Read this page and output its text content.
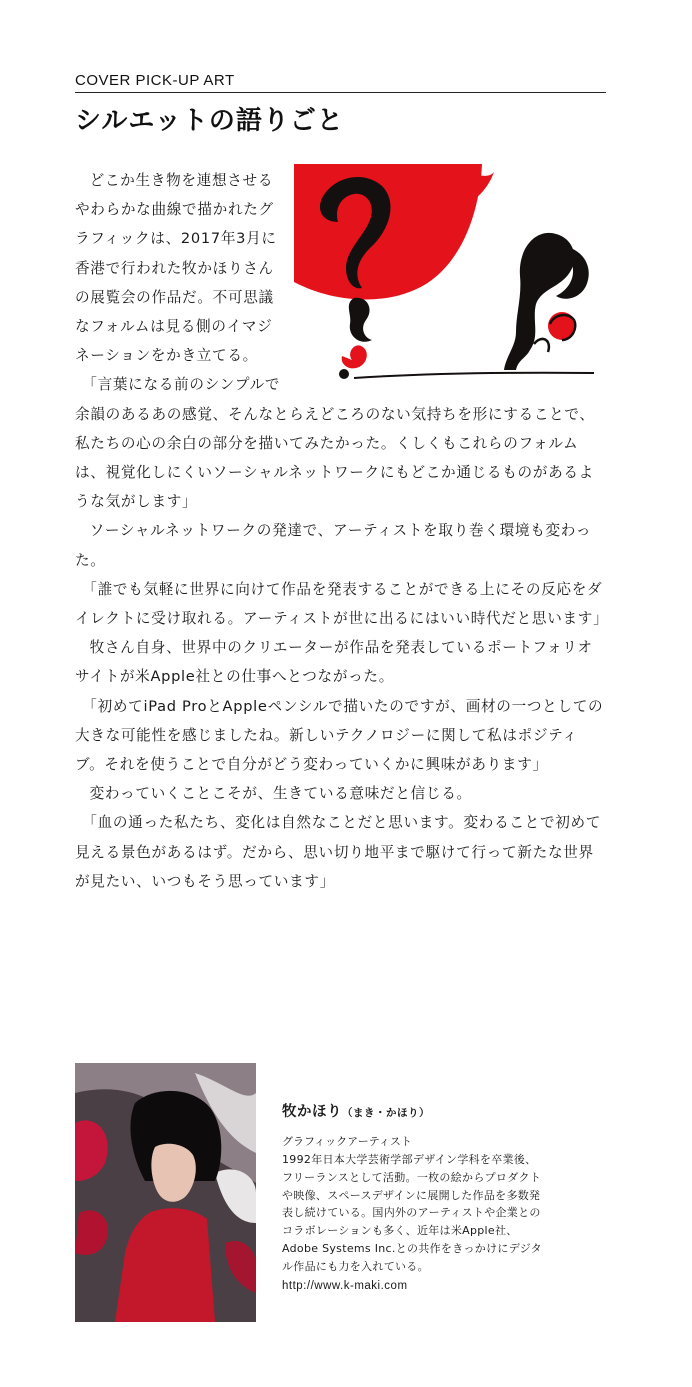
COVER PICK-UP ART
シルエットの語りごと

どこか生き物を連想させるやわらかな曲線で描かれたグラフィックは、2017年3月に香港で行われた牧かほりさんの展覧会の作品だ。不可思議なフォルムは見る側のイマジネーションをかき立てる。

「言葉になる前のシンプルで余韻のあるあの感覚、そんなとらえどころのない気持ちを形にすることで、私たちの心の余白の部分を描いてみたかった。くしくもこれらのフォルムは、視覚化しにくいソーシャルネットワークにもどこか通じるものがあるような気がします」

ソーシャルネットワークの発達で、アーティストを取り巻く環境も変わった。

「誰でも気軽に世界に向けて作品を発表することができる上にその反応をダイレクトに受け取れる。アーティストが世に出るにはいい時代だと思います」

牧さん自身、世界中のクリエーターが作品を発表しているポートフォリオサイトが米Apple社との仕事へとつながった。

「初めてiPad ProとAppleペンシルで描いたのですが、画材の一つとしての大きな可能性を感じましたね。新しいテクノロジーに関して私はポジティブ。それを使うことで自分がどう変わっていくかに興味があります」

変わっていくことこそが、生きている意味だと信じる。

「血の通った私たち、変化は自然なことだと思います。変わることで初めて見える景色があるはず。だから、思い切り地平まで駆けて行って新たな世界が見たい、いつもそう思っています」

牧かほり（まき・かほり）

グラフィックアーティスト

1992年日本大学芸術学部デザイン学科を卒業後、フリーランスとして活動。一枚の絵からプロダクトや映像、スペースデザインに展開した作品を多数発表し続けている。国内外のアーティストや企業とのコラボレーションも多く、近年は米Apple社、Adobe Systems Inc.との共作をきっかけにデジタル作品にも力を入れている。

http://www.k-maki.com
